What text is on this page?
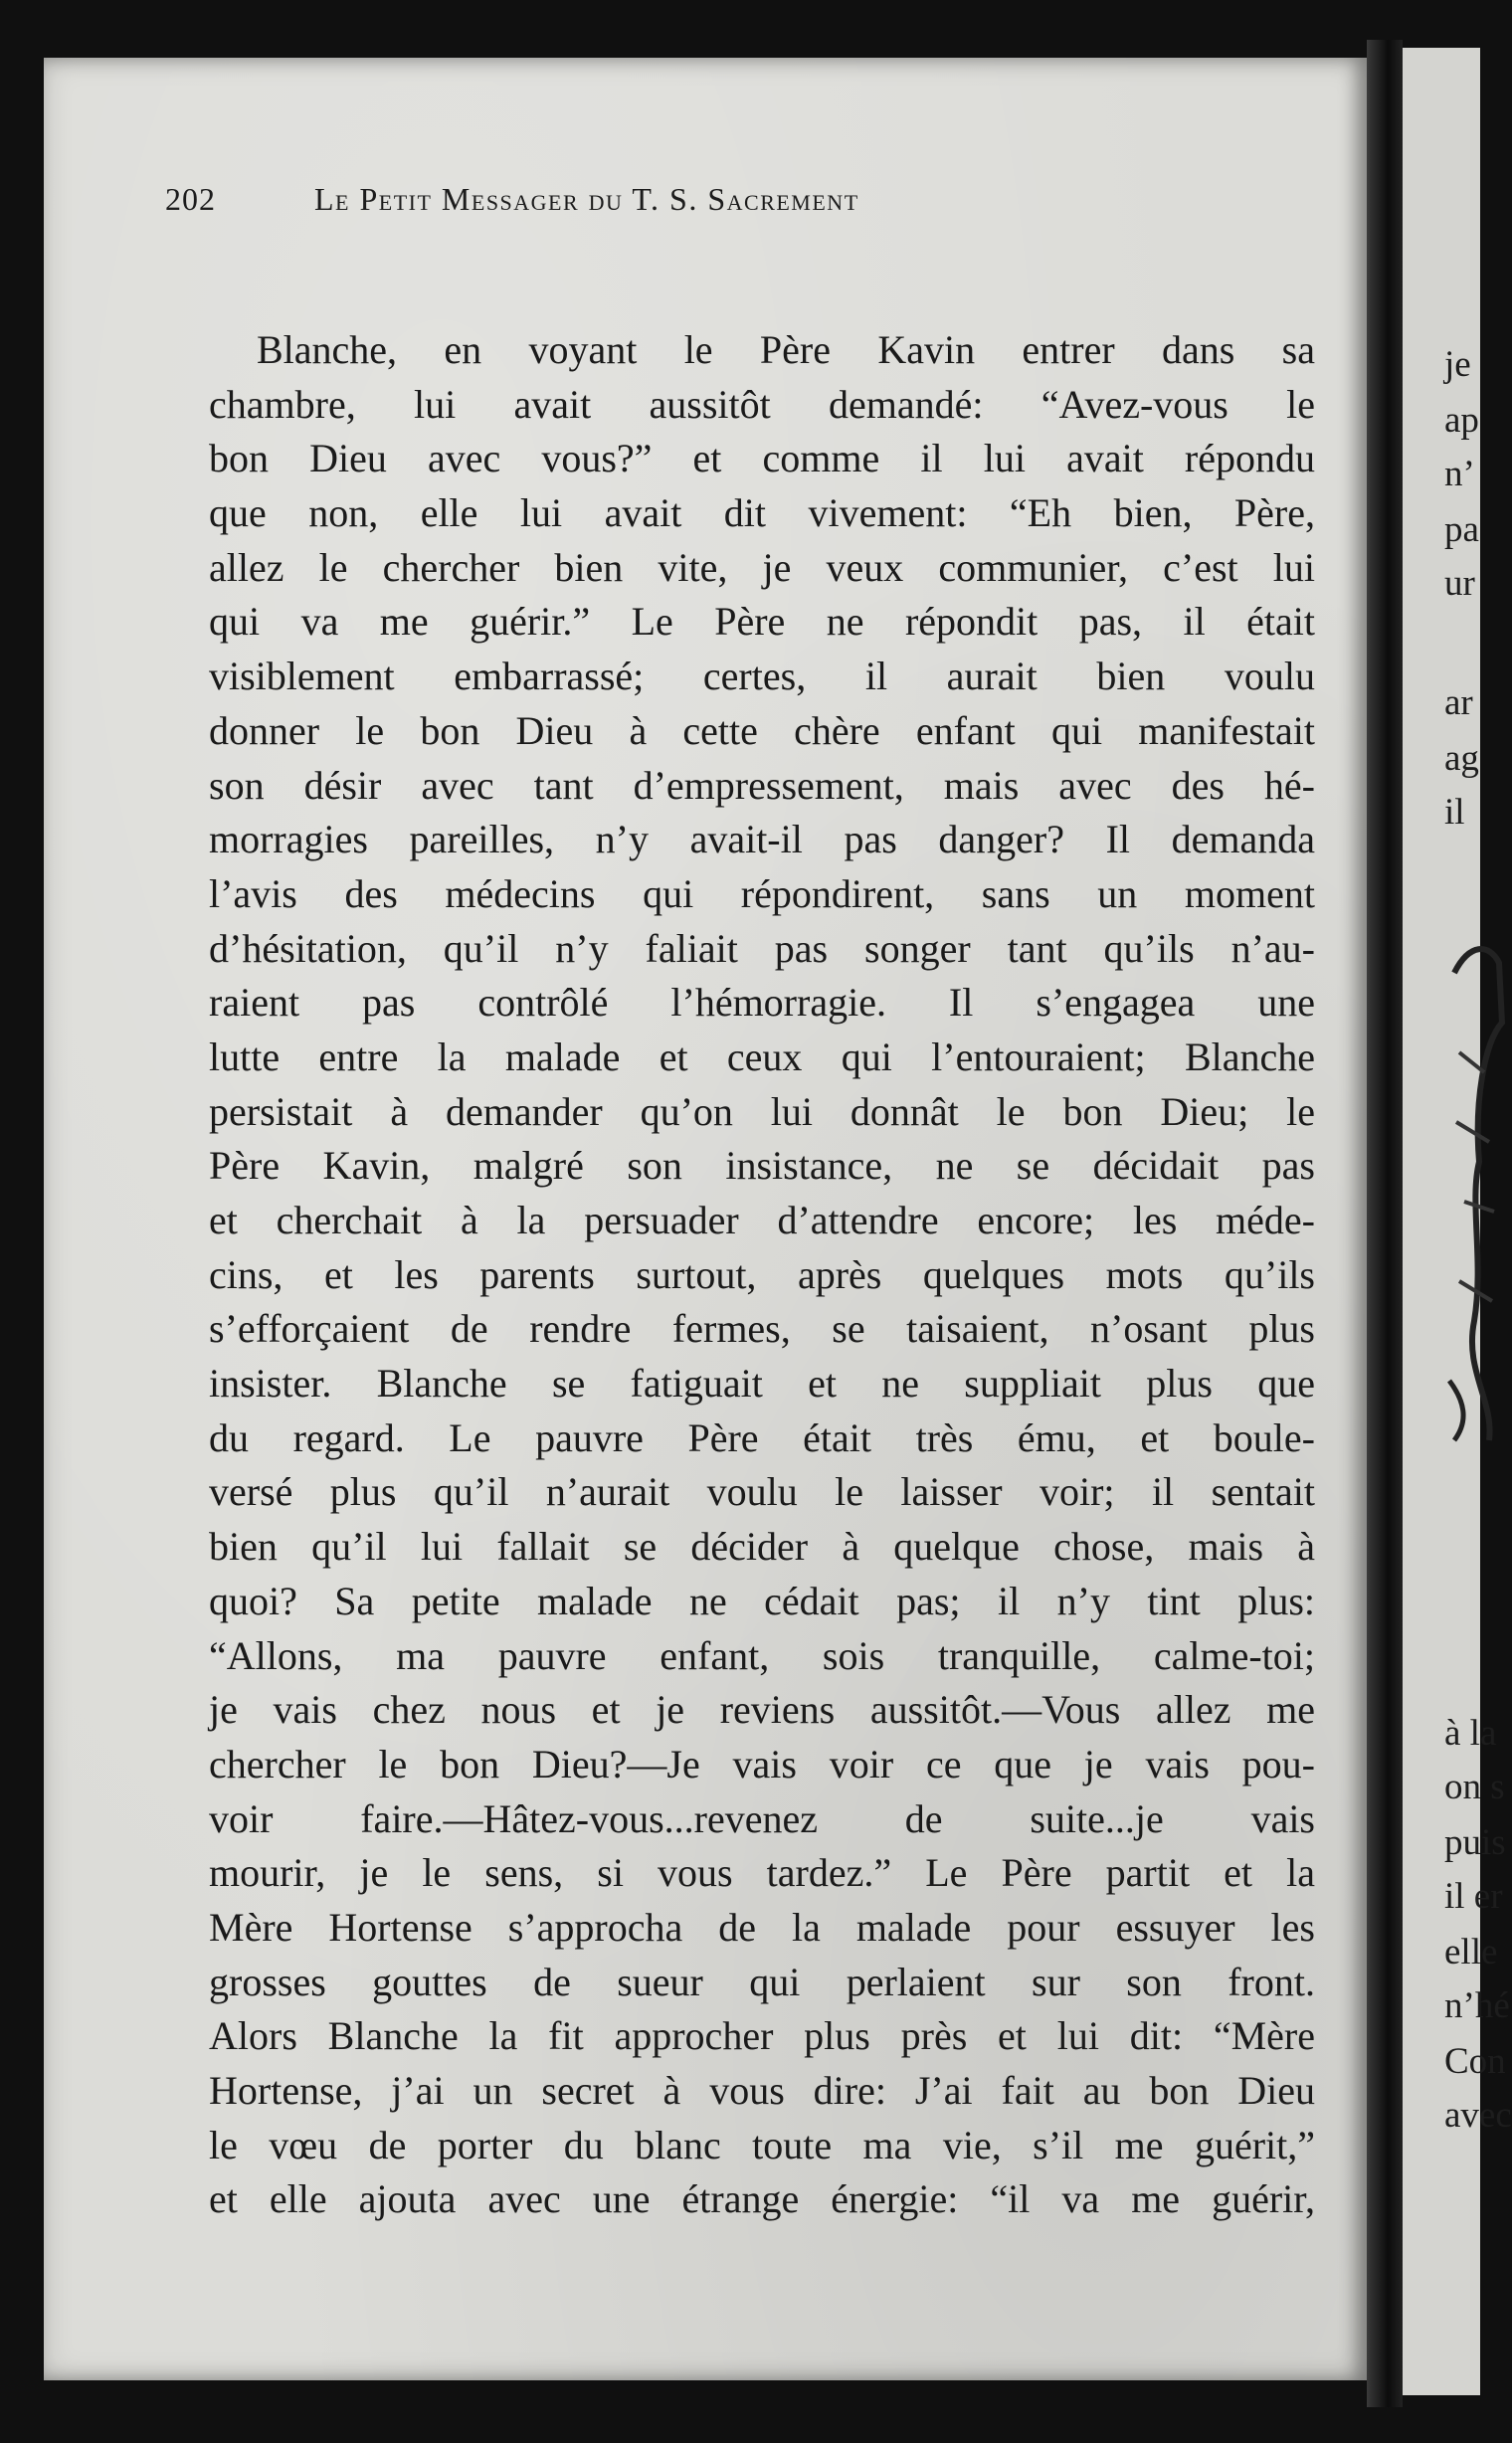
202	Le Petit Messager du T. S. Sacrement
Blanche, en voyant le Père Kavin entrer dans sa
chambre, lui avait aussitôt demandé: “Avez-vous le
bon Dieu avec vous?” et comme il lui avait répondu
que non, elle lui avait dit vivement: “Eh bien, Père,
allez le chercher bien vite, je veux communier, c’est lui
qui va me guérir.” Le Père ne répondit pas, il était
visiblement embarrassé; certes, il aurait bien voulu
donner le bon Dieu à cette chère enfant qui manifestait
son désir avec tant d’empressement, mais avec des hé-
morragies pareilles, n’y avait-il pas danger? Il demanda
l’avis des médecins qui répondirent, sans un moment
d’hésitation, qu’il n’y faliait pas songer tant qu’ils n’au-
raient pas contrôlé l’hémorragie. Il s’engagea une
lutte entre la malade et ceux qui l’entouraient; Blanche
persistait à demander qu’on lui donnât le bon Dieu; le
Père Kavin, malgré son insistance, ne se décidait pas
et cherchait à la persuader d’attendre encore; les méde-
cins, et les parents surtout, après quelques mots qu’ils
s’efforçaient de rendre fermes, se taisaient, n’osant plus
insister. Blanche se fatiguait et ne suppliait plus que
du regard. Le pauvre Père était très ému, et boule-
versé plus qu’il n’aurait voulu le laisser voir; il sentait
bien qu’il lui fallait se décider à quelque chose, mais à
quoi? Sa petite malade ne cédait pas; il n’y tint plus:
“Allons, ma pauvre enfant, sois tranquille, calme-toi;
je vais chez nous et je reviens aussitôt.—Vous allez me
chercher le bon Dieu?—Je vais voir ce que je vais pou-
voir faire.—Hâtez-vous...revenez de suite...je vais
mourir, je le sens, si vous tardez.” Le Père partit et la
Mère Hortense s’approcha de la malade pour essuyer les
grosses gouttes de sueur qui perlaient sur son front.
Alors Blanche la fit approcher plus près et lui dit: “Mère
Hortense, j’ai un secret à vous dire: J’ai fait au bon Dieu
le vœu de porter du blanc toute ma vie, s’il me guérit,”
et elle ajouta avec une étrange énergie: “il va me guérir,
je
ap
n’
pa
ur
ar
ag
il
à la
on s
puis
il er
elle
n’hé
Con
avec
